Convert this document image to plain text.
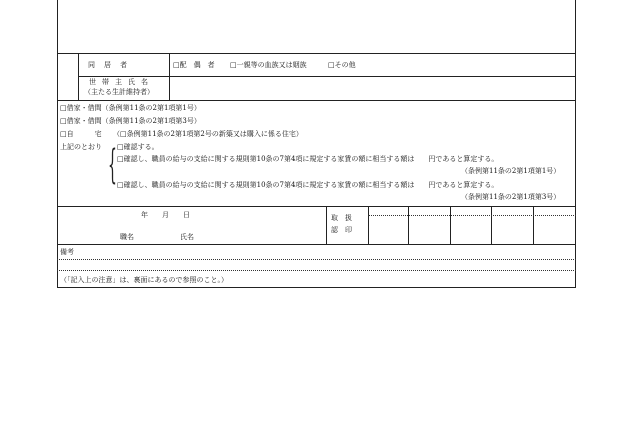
同居者	□配　偶　者 □一親等の血族又は姻族	□その他
世帯主氏名
（主たる生計維持者）
□借家・借間（条例第11条の2第1項第1号）
□借家・借間（条例第11条の2第1項第3号）
□自　　　宅 （□条例第11条の2第1項第2号の新築又は購入に係る住宅）
上記のとおり { □確認する。
□確認し、職員の給与の支給に関する規則第10条の7第4項に規定する家賃の額に相当する額は　　円であると算定する。
（条例第11条の2第1項第1号）
□確認し、職員の給与の支給に関する規則第10条の7第4項に規定する家賃の額に相当する額は　　円であると算定する。
（条例第11条の2第1項第3号）
年　　月　　日
職名	氏名
取　扱
認　印
備考
（「記入上の注意」は、裏面にあるので参照のこと。）
